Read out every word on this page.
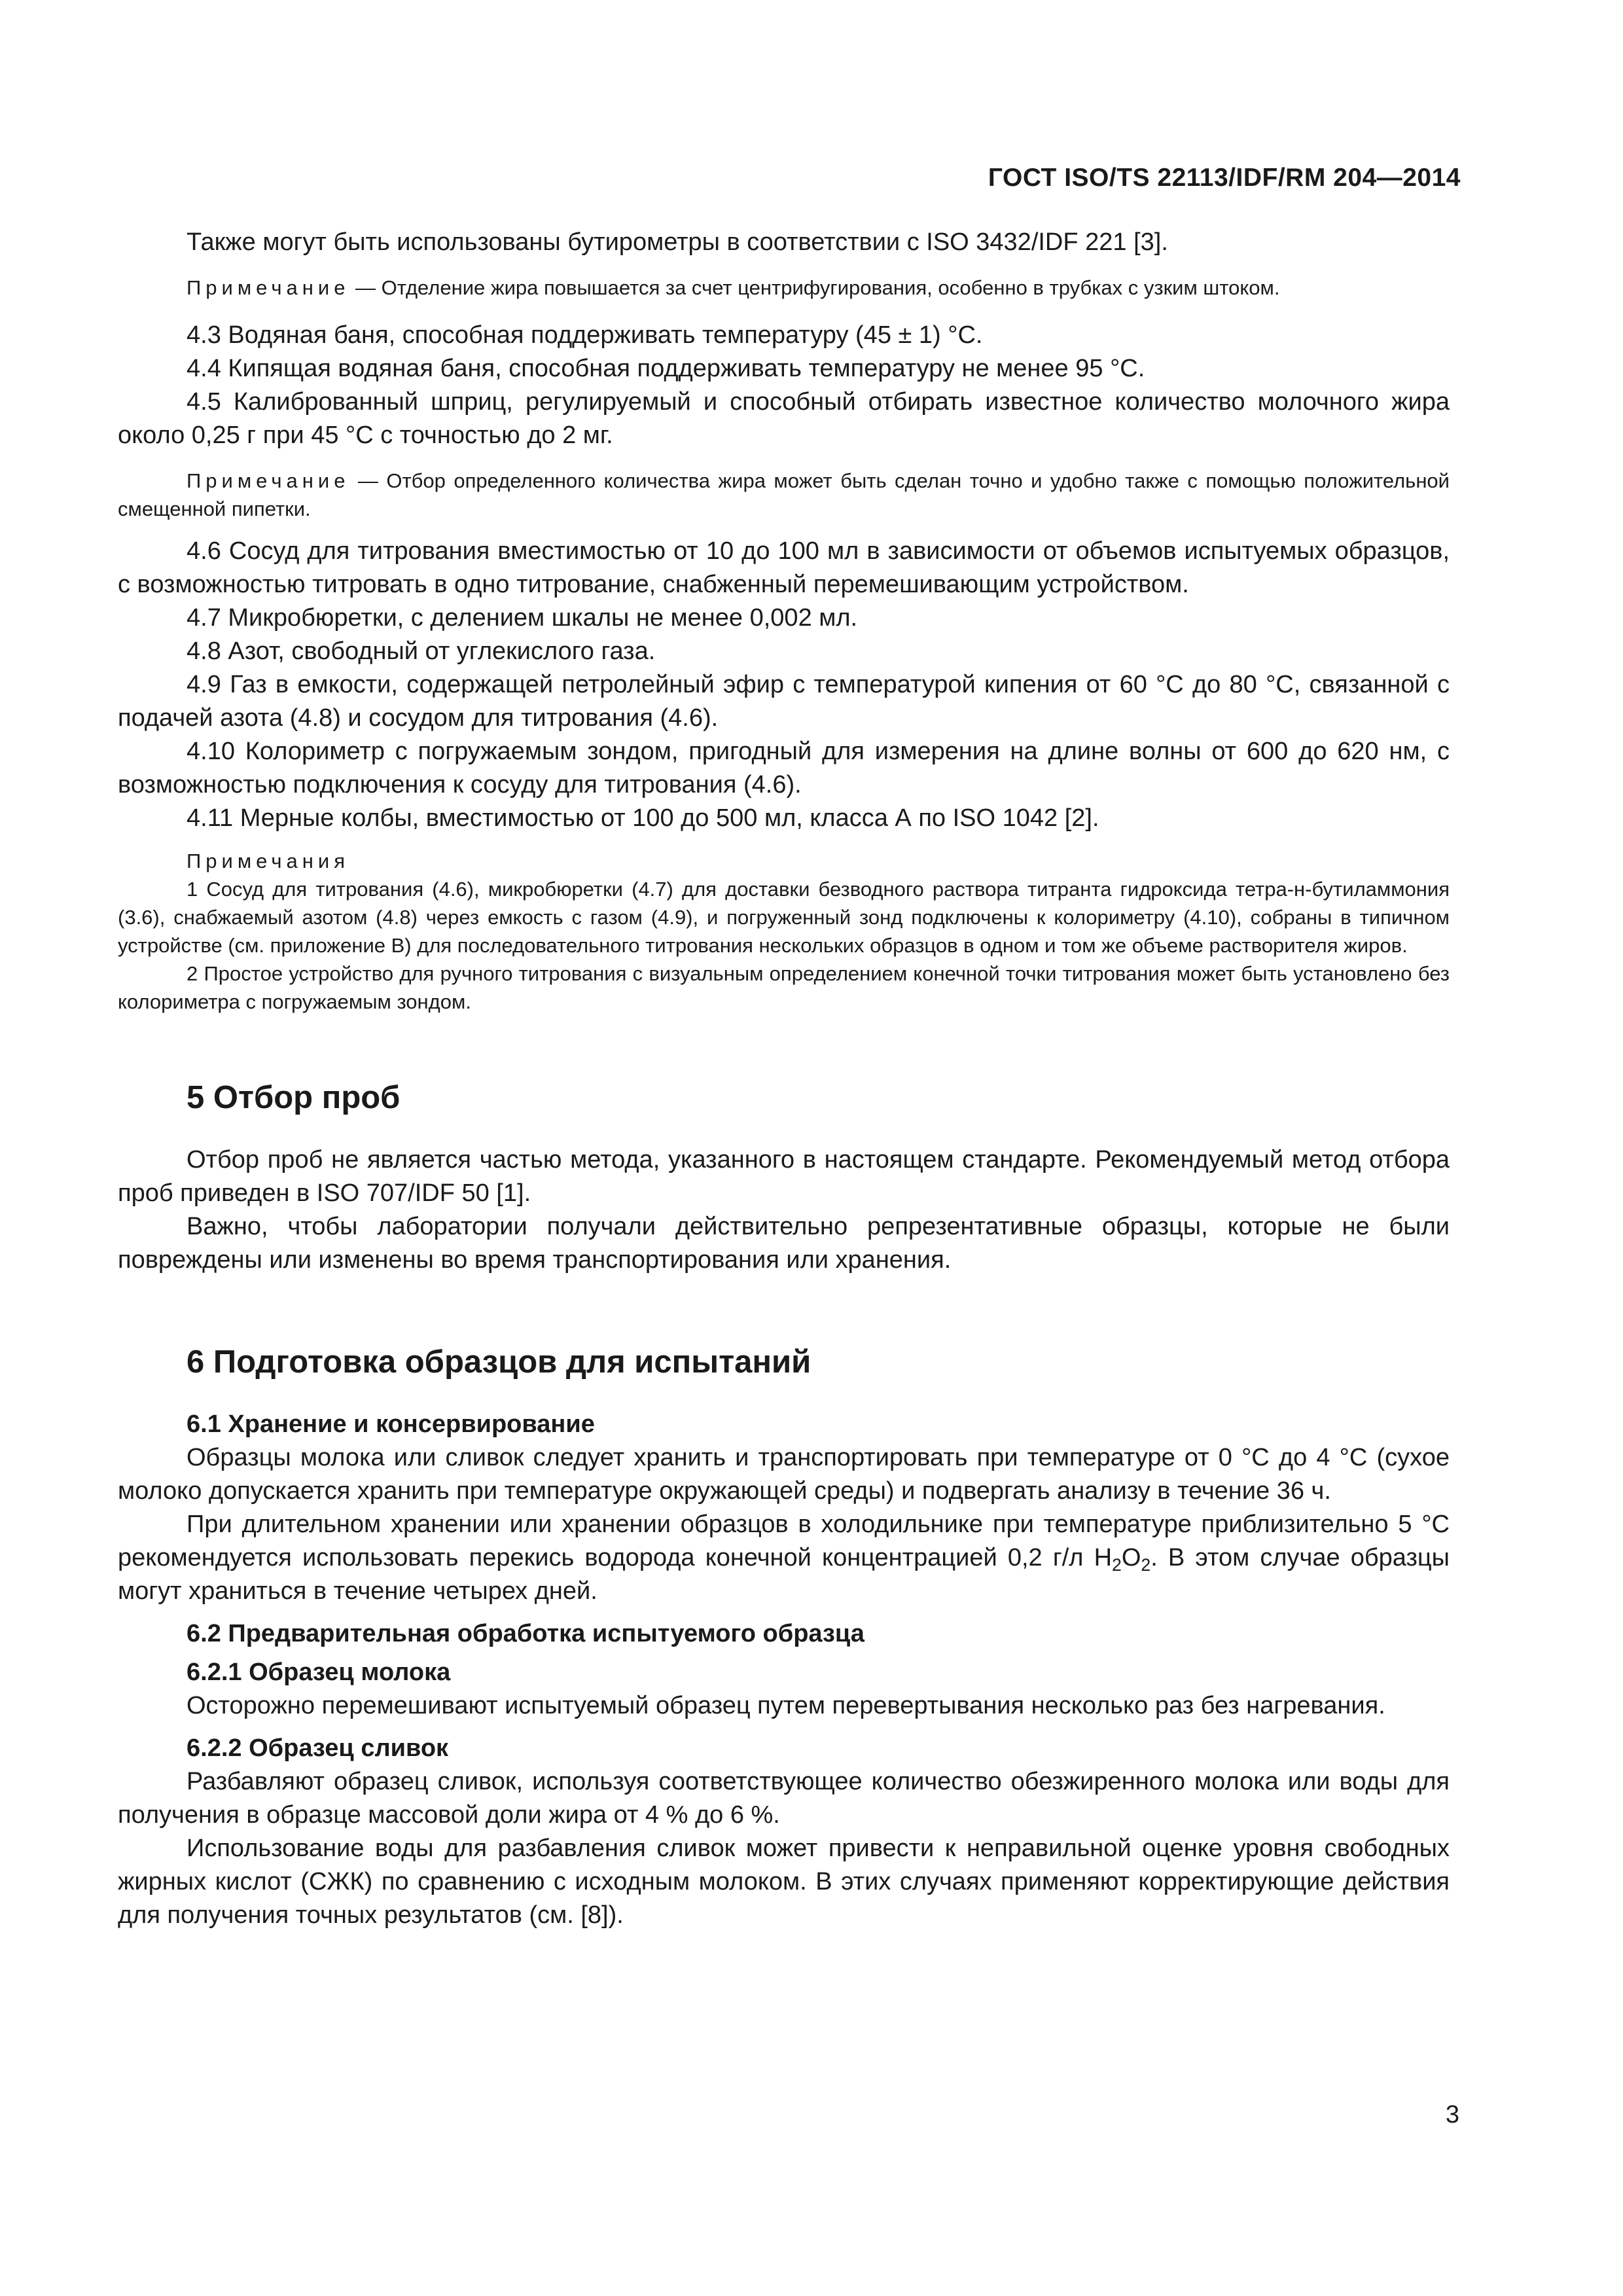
ГОСТ ISO/TS 22113/IDF/RM 204—2014

Также могут быть использованы бутирометры в соответствии с ISO 3432/IDF 221 [3].

Примечание — Отделение жира повышается за счет центрифугирования, особенно в трубках с узким штоком.

4.3 Водяная баня, способная поддерживать температуру (45 ± 1) °С.

4.4 Кипящая водяная баня, способная поддерживать температуру не менее 95 °С.

4.5 Калиброванный шприц, регулируемый и способный отбирать известное количество молочного жира около 0,25 г при 45 °С с точностью до 2 мг.

Примечание — Отбор определенного количества жира может быть сделан точно и удобно также с помощью положительной смещенной пипетки.

4.6 Сосуд для титрования вместимостью от 10 до 100 мл в зависимости от объемов испытуемых образцов, с возможностью титровать в одно титрование, снабженный перемешивающим устройством.

4.7 Микробюретки, с делением шкалы не менее 0,002 мл.

4.8 Азот, свободный от углекислого газа.

4.9 Газ в емкости, содержащей петролейный эфир с температурой кипения от 60 °С до 80 °С, связанной с подачей азота (4.8) и сосудом для титрования (4.6).

4.10 Колориметр с погружаемым зондом, пригодный для измерения на длине волны от 600 до 620 нм, с возможностью подключения к сосуду для титрования (4.6).

4.11 Мерные колбы, вместимостью от 100 до 500 мл, класса А по ISO 1042 [2].

Примечания

1 Сосуд для титрования (4.6), микробюретки (4.7) для доставки безводного раствора титранта гидроксида тетра-н-бутиламмония (3.6), снабжаемый азотом (4.8) через емкость с газом (4.9), и погруженный зонд подключены к колориметру (4.10), собраны в типичном устройстве (см. приложение В) для последовательного титрования нескольких образцов в одном и том же объеме растворителя жиров.

2 Простое устройство для ручного титрования с визуальным определением конечной точки титрования может быть установлено без колориметра с погружаемым зондом.

5 Отбор проб

Отбор проб не является частью метода, указанного в настоящем стандарте. Рекомендуемый метод отбора проб приведен в ISO 707/IDF 50 [1].

Важно, чтобы лаборатории получали действительно репрезентативные образцы, которые не были повреждены или изменены во время транспортирования или хранения.

6 Подготовка образцов для испытаний

6.1 Хранение и консервирование

Образцы молока или сливок следует хранить и транспортировать при температуре от 0 °С до 4 °С (сухое молоко допускается хранить при температуре окружающей среды) и подвергать анализу в течение 36 ч.

При длительном хранении или хранении образцов в холодильнике при температуре приблизительно 5 °С рекомендуется использовать перекись водорода конечной концентрацией 0,2 г/л $H_2O_2$. В этом случае образцы могут храниться в течение четырех дней.

6.2 Предварительная обработка испытуемого образца

6.2.1 Образец молока

Осторожно перемешивают испытуемый образец путем перевертывания несколько раз без нагревания.

6.2.2 Образец сливок

Разбавляют образец сливок, используя соответствующее количество обезжиренного молока или воды для получения в образце массовой доли жира от 4 % до 6 %.

Использование воды для разбавления сливок может привести к неправильной оценке уровня свободных жирных кислот (СЖК) по сравнению с исходным молоком. В этих случаях применяют корректирующие действия для получения точных результатов (см. [8]).

3
